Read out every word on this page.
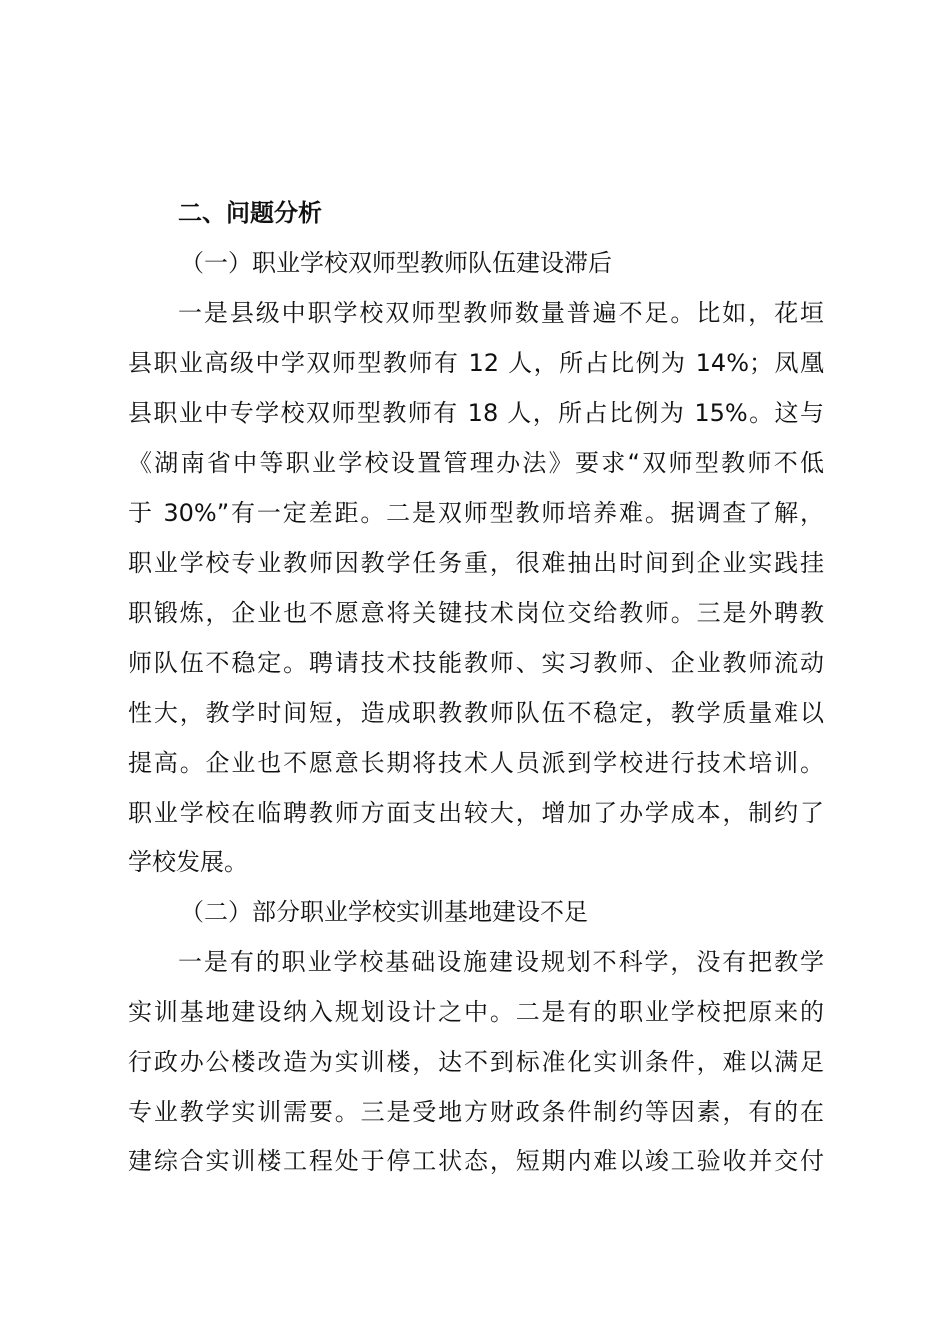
二、问题分析
（一）职业学校双师型教师队伍建设滞后
一是县级中职学校双师型教师数量普遍不足。比如，花垣
县职业高级中学双师型教师有 12 人，所占比例为 14%；凤凰
县职业中专学校双师型教师有 18 人，所占比例为 15%。这与
《湖南省中等职业学校设置管理办法》要求“双师型教师不低
于 30%”有一定差距。二是双师型教师培养难。据调查了解，
职业学校专业教师因教学任务重，很难抽出时间到企业实践挂
职锻炼，企业也不愿意将关键技术岗位交给教师。三是外聘教
师队伍不稳定。聘请技术技能教师、实习教师、企业教师流动
性大，教学时间短，造成职教教师队伍不稳定，教学质量难以
提高。企业也不愿意长期将技术人员派到学校进行技术培训。
职业学校在临聘教师方面支出较大，增加了办学成本，制约了
学校发展。
（二）部分职业学校实训基地建设不足
一是有的职业学校基础设施建设规划不科学，没有把教学
实训基地建设纳入规划设计之中。二是有的职业学校把原来的
行政办公楼改造为实训楼，达不到标准化实训条件，难以满足
专业教学实训需要。三是受地方财政条件制约等因素，有的在
建综合实训楼工程处于停工状态，短期内难以竣工验收并交付
